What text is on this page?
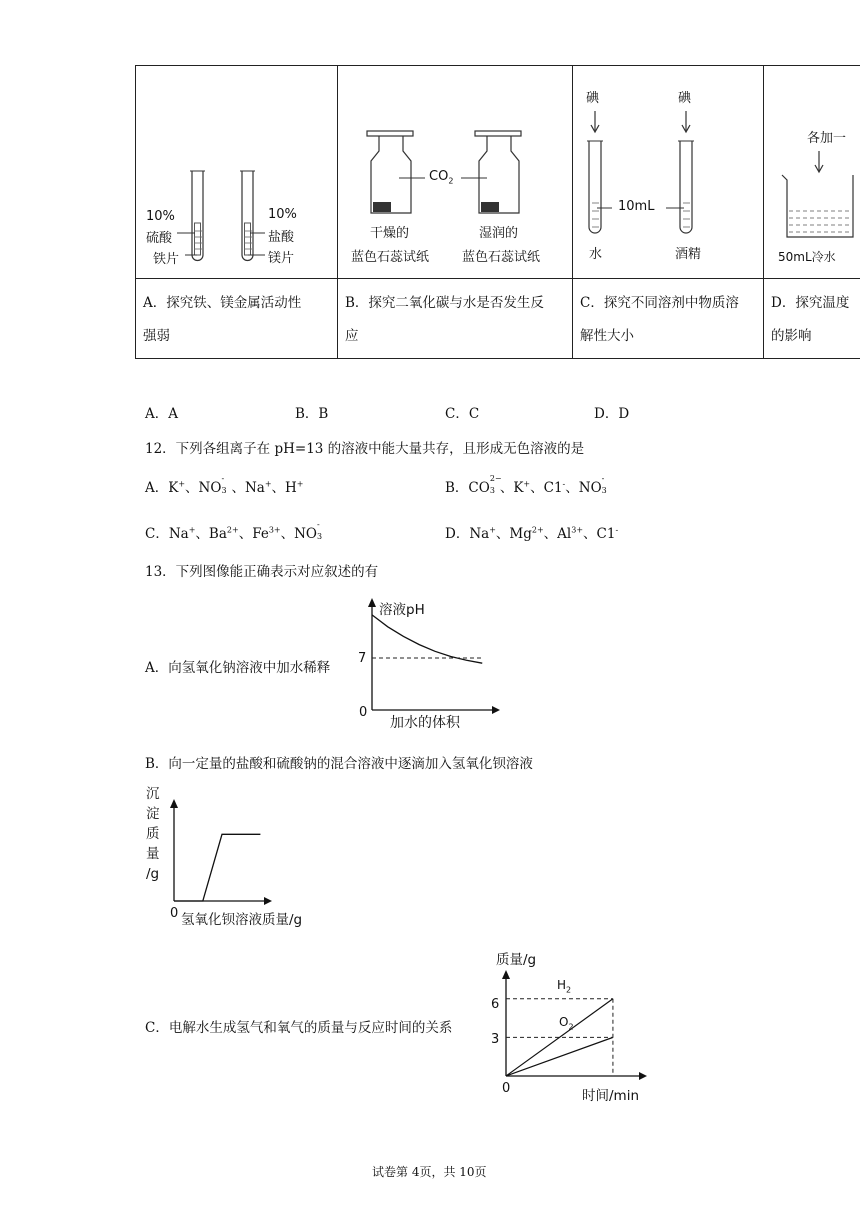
10%
硫酸
铁片
10%
盐酸
镁片
$CO_2$
干燥的
蓝色石蕊试纸
湿润的
蓝色石蕊试纸
碘	碘
10mL
水	酒精
各加一
50mL冷水
A．探究铁、镁金属活动性
强弱
B．探究二氧化碳与水是否发生反
应
C．探究不同溶剂中物质溶
解性大小
D．探究温度
的影响
A．A	B．B	C．C	D．D
12．下列各组离子在 pH=13 的溶液中能大量共存，且形成无色溶液的是
A．K+、NO
-
3 、Na+、H+	B．CO
2−
3 、K+、C1-、NO
-
3
C．Na+、$Ba^{2+}$、$Fe^{3+}$、NO
-
3	D．Na+、$Mg^{2+}$、$Al^{3+}$、C1-
13．下列图像能正确表示对应叙述的有
A．向氢氧化钠溶液中加水稀释
溶液pH
7
0
加水的体积
B．向一定量的盐酸和硫酸钠的混合溶液中逐滴加入氢氧化钡溶液
沉
淀
质
量
/g
0 氢氧化钡溶液质量/g
C．电解水生成氢气和氧气的质量与反应时间的关系
质量/g
6
3
0	时间/min
$H_2$
$O_2$
试卷第 4页，共 10页
